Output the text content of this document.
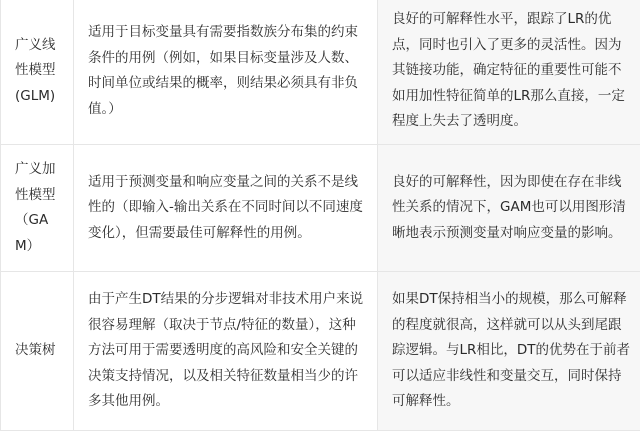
广义线
性模型
(GLM)	适用于目标变量具有需要指数族分布集的约束条件的用例（例如，如果目标变量涉及人数、时间单位或结果的概率，则结果必须具有非负值。）	良好的可解释性水平，跟踪了LR的优点，同时也引入了更多的灵活性。因为其链接功能，确定特征的重要性可能不如用加性特征简单的LR那么直接，一定程度上失去了透明度。
广义加
性模型
（GA
M）	适用于预测变量和响应变量之间的关系不是线性的（即输入-输出关系在不同时间以不同速度变化），但需要最佳可解释性的用例。	良好的可解释性，因为即使在存在非线性关系的情况下，GAM也可以用图形清晰地表示预测变量对响应变量的影响。
决策树	由于产生DT结果的分步逻辑对非技术用户来说很容易理解（取决于节点/特征的数量），这种方法可用于需要透明度的高风险和安全关键的决策支持情况，以及相关特征数量相当少的许多其他用例。	如果DT保持相当小的规模，那么可解释的程度就很高，这样就可以从头到尾跟踪逻辑。与LR相比，DT的优势在于前者可以适应非线性和变量交互，同时保持可解释性。
